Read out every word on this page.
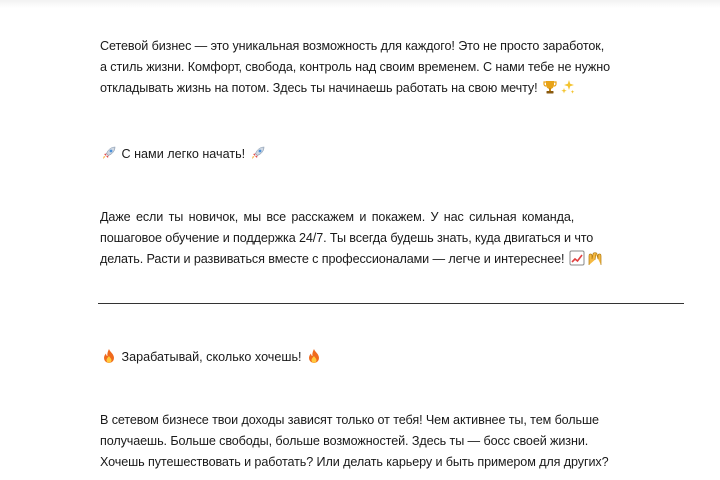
Сетевой бизнес — это уникальная возможность для каждого! Это не просто заработок,
а стиль жизни. Комфорт, свобода, контроль над своим временем. С нами тебе не нужно
откладывать жизнь на потом. Здесь ты начинаешь работать на свою мечту!
С нами легко начать!
Даже если ты новичок, мы все расскажем и покажем. У нас сильная команда,
пошаговое обучение и поддержка 24/7. Ты всегда будешь знать, куда двигаться и что
делать. Расти и развиваться вместе с профессионалами — легче и интереснее!
Зарабатывай, сколько хочешь!
В сетевом бизнесе твои доходы зависят только от тебя! Чем активнее ты, тем больше
получаешь. Больше свободы, больше возможностей. Здесь ты — босс своей жизни.
Хочешь путешествовать и работать? Или делать карьеру и быть примером для других?
